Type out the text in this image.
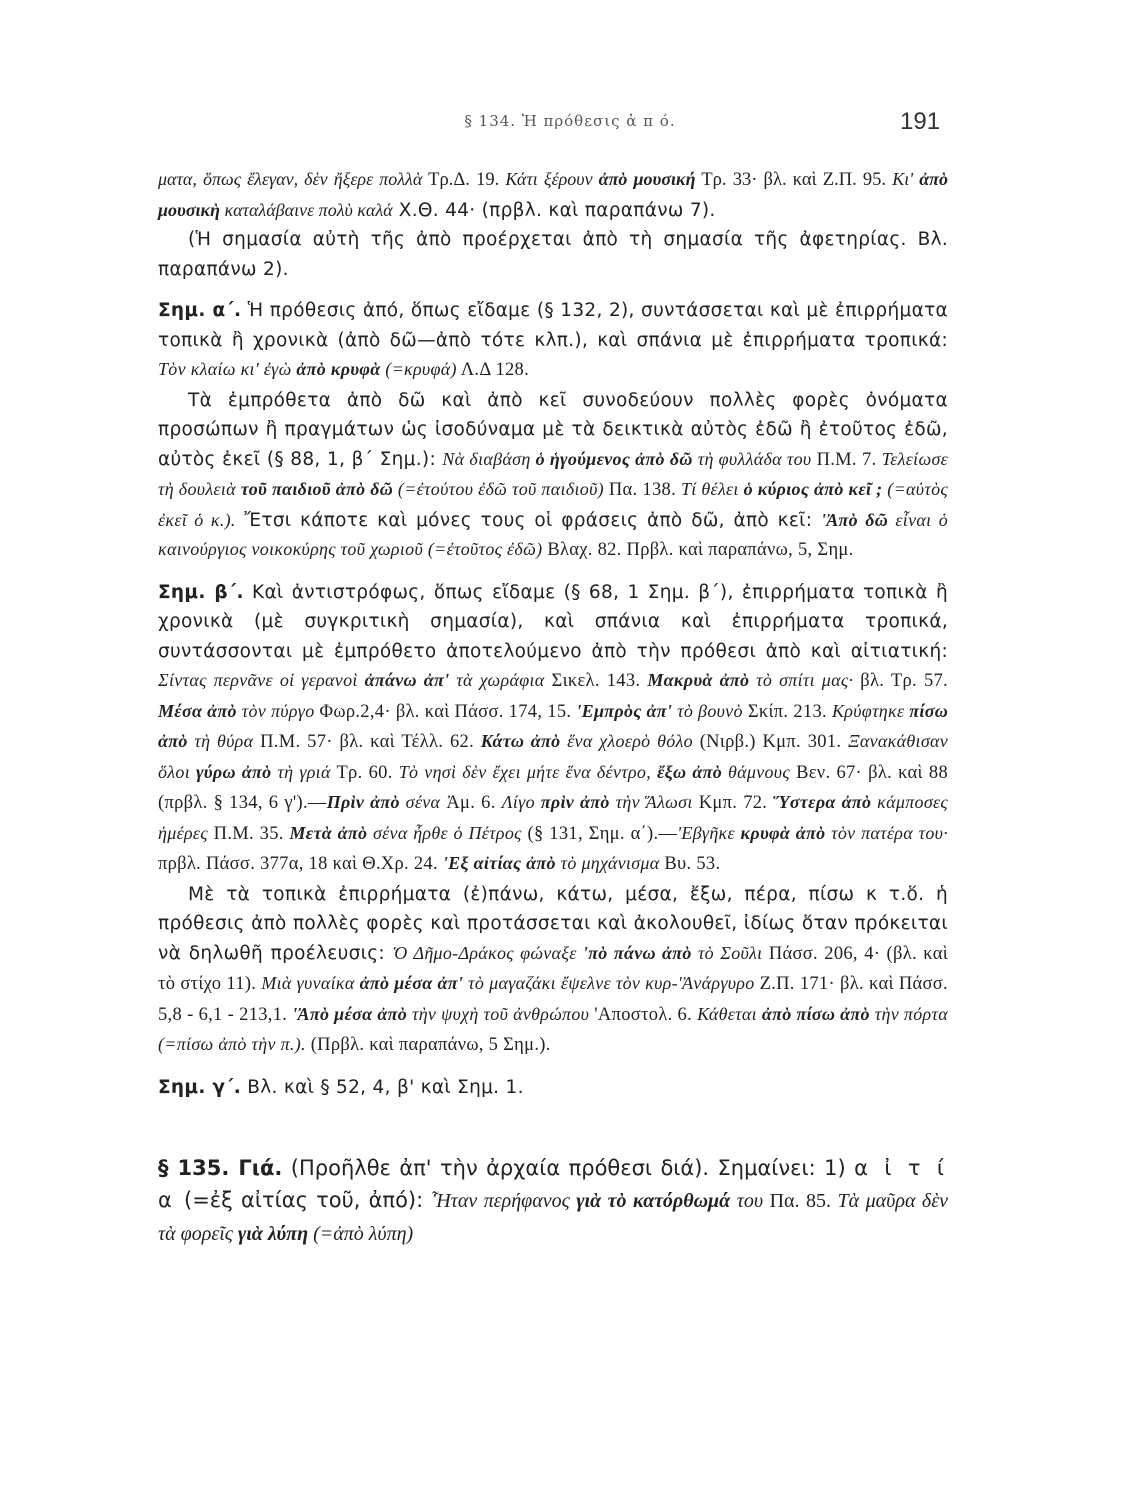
§ 134. Ἡ πρόθεσις ἀ π ό.	191

ματα, ὅπως ἔλεγαν, δὲν ἤξερε πολλὰ Τρ.Δ. 19. Κάτι ξέρουν ἀπὸ μουσική Τρ. 33· βλ. καὶ Ζ.Π. 95. Κι' ἀπὸ μουσικὴ καταλάβαινε πολὺ καλά Χ.Θ. 44· (πρβλ. καὶ παραπάνω 7).

(Ἡ σημασία αὐτὴ τῆς ἀπὸ προέρχεται ἀπὸ τὴ σημασία τῆς ἀφετηρίας. Βλ. παραπάνω 2).

Σημ. α΄. Ἡ πρόθεσις ἀπό, ὅπως εἴδαμε (§ 132, 2), συντάσσεται καὶ μὲ ἐπιρρήματα τοπικὰ ἢ χρονικὰ (ἀπὸ δῶ—ἀπὸ τότε κλπ.), καὶ σπάνια μὲ ἐπιρρήματα τροπικά: Τὸν κλαίω κι' ἐγὼ ἀπὸ κρυφὰ (=κρυφά) Λ.Δ 128.

Τὰ ἐμπρόθετα ἀπὸ δῶ καὶ ἀπὸ κεῖ συνοδεύουν πολλὲς φορὲς ὀνόματα προσώπων ἢ πραγμάτων ὡς ἰσοδύναμα μὲ τὰ δεικτικὰ αὐτὸς ἐδῶ ἢ ἐτοῦτος ἐδῶ, αὐτὸς ἐκεῖ (§ 88, 1, β΄ Σημ.): Νὰ διαβάση ὁ ἡγούμενος ἀπὸ δῶ τὴ φυλλάδα του Π.Μ. 7. Τελείωσε τὴ δουλειὰ τοῦ παιδιοῦ ἀπὸ δῶ (=ἐτούτου ἐδῶ τοῦ παιδιοῦ) Πα. 138. Τί θέλει ὁ κύριος ἀπὸ κεῖ ; (=αὐτὸς ἐκεῖ ὁ κ.). Ἔτσι κάποτε καὶ μόνες τους οἱ φράσεις ἀπὸ δῶ, ἀπὸ κεῖ: 'Ἀπὸ δῶ εἶναι ὁ καινούργιος νοικοκύρης τοῦ χωριοῦ (=ἐτοῦτος ἐδῶ) Βλαχ. 82. Πρβλ. καὶ παραπάνω, 5, Σημ.

Σημ. β΄. Καὶ ἀντιστρόφως, ὅπως εἴδαμε (§ 68, 1 Σημ. β΄), ἐπιρρήματα τοπικὰ ἢ χρονικὰ (μὲ συγκριτικὴ σημασία), καὶ σπάνια καὶ ἐπιρρήματα τροπικά, συντάσσονται μὲ ἐμπρόθετο ἀποτελούμενο ἀπὸ τὴν πρόθεσι ἀπὸ καὶ αἰτιατική: Σίντας περνᾶνε οἱ γερανοὶ ἀπάνω ἀπ' τὰ χωράφια Σικελ. 143. Μακρυὰ ἀπὸ τὸ σπίτι μας· βλ. Τρ. 57. Μέσα ἀπὸ τὸν πύργο Φωρ.2,4· βλ. καὶ Πάσσ. 174, 15. 'Εμπρὸς ἀπ' τὸ βουνὸ Σκίπ. 213. Κρύφτηκε πίσω ἀπὸ τὴ θύρα Π.Μ. 57· βλ. καὶ Τέλλ. 62. Κάτω ἀπὸ ἕνα χλοερὸ θόλο (Νιρβ.) Κμπ. 301. Ξανακάθισαν ὅλοι γύρω ἀπὸ τὴ γριά Τρ. 60. Τὸ νησὶ δὲν ἔχει μήτε ἕνα δέντρο, ἔξω ἀπὸ θάμνους Bεν. 67· βλ. καὶ 88 (πρβλ. § 134, 6 γ').—Πρὶν ἀπὸ σένα Ἀμ. 6. Λίγο πρὶν ἀπὸ τὴν Ἅλωσι Κμπ. 72. Ὕστερα ἀπὸ κάμποσες ἡμέρες Π.Μ. 35. Μετὰ ἀπὸ σένα ἦρθε ὁ Πέτρος (§ 131, Σημ. α΄).—'Εβγῆκε κρυφὰ ἀπὸ τὸν πατέρα του· πρβλ. Πάσσ. 377α, 18 καὶ Θ.Χρ. 24. 'Εξ αἰτίας ἀπὸ τὸ μηχάνισμα Βυ. 53.

Μὲ τὰ τοπικὰ ἐπιρρήματα (ἐ)πάνω, κάτω, μέσα, ἔξω, πέρα, πίσω κ τ.ὅ. ἡ πρόθεσις ἀπὸ πολλὲς φορὲς καὶ προτάσσεται καὶ ἀκολουθεῖ, ἰδίως ὅταν πρόκειται νὰ δηλωθῆ προέλευσις: Ὁ Δῆμο-Δράκος φώναξε 'πὸ πάνω ἀπὸ τὸ Σοῦλι Πάσσ. 206, 4· (βλ. καὶ τὸ στίχο 11). Μιὰ γυναίκα ἀπὸ μέσα ἀπ' τὸ μαγαζάκι ἔψελνε τὸν κυρ-'Ἀνάργυρο Ζ.Π. 171· βλ. καὶ Πάσσ. 5,8 - 6,1 - 213,1. 'Ἀπὸ μέσα ἀπὸ τὴν ψυχὴ τοῦ ἀνθρώπου 'Αποστολ. 6. Κάθεται ἀπὸ πίσω ἀπὸ τὴν πόρτα (=πίσω ἀπὸ τὴν π.). (Πρβλ. καὶ παραπάνω, 5 Σημ.).

Σημ. γ΄. Βλ. καὶ § 52, 4, β' καὶ Σημ. 1.

§ 135. Γιά. (Προῆλθε ἀπ' τὴν ἀρχαία πρόθεσι διά). Σημαίνει: 1) α ἰ τ ί α (=ἐξ αἰτίας τοῦ, ἀπό): Ἦταν περήφανος γιὰ τὸ κατόρθωμά του Πα. 85. Τὰ μαῦρα δὲν τὰ φορεῖς γιὰ λύπη (=ἀπὸ λύπη)
